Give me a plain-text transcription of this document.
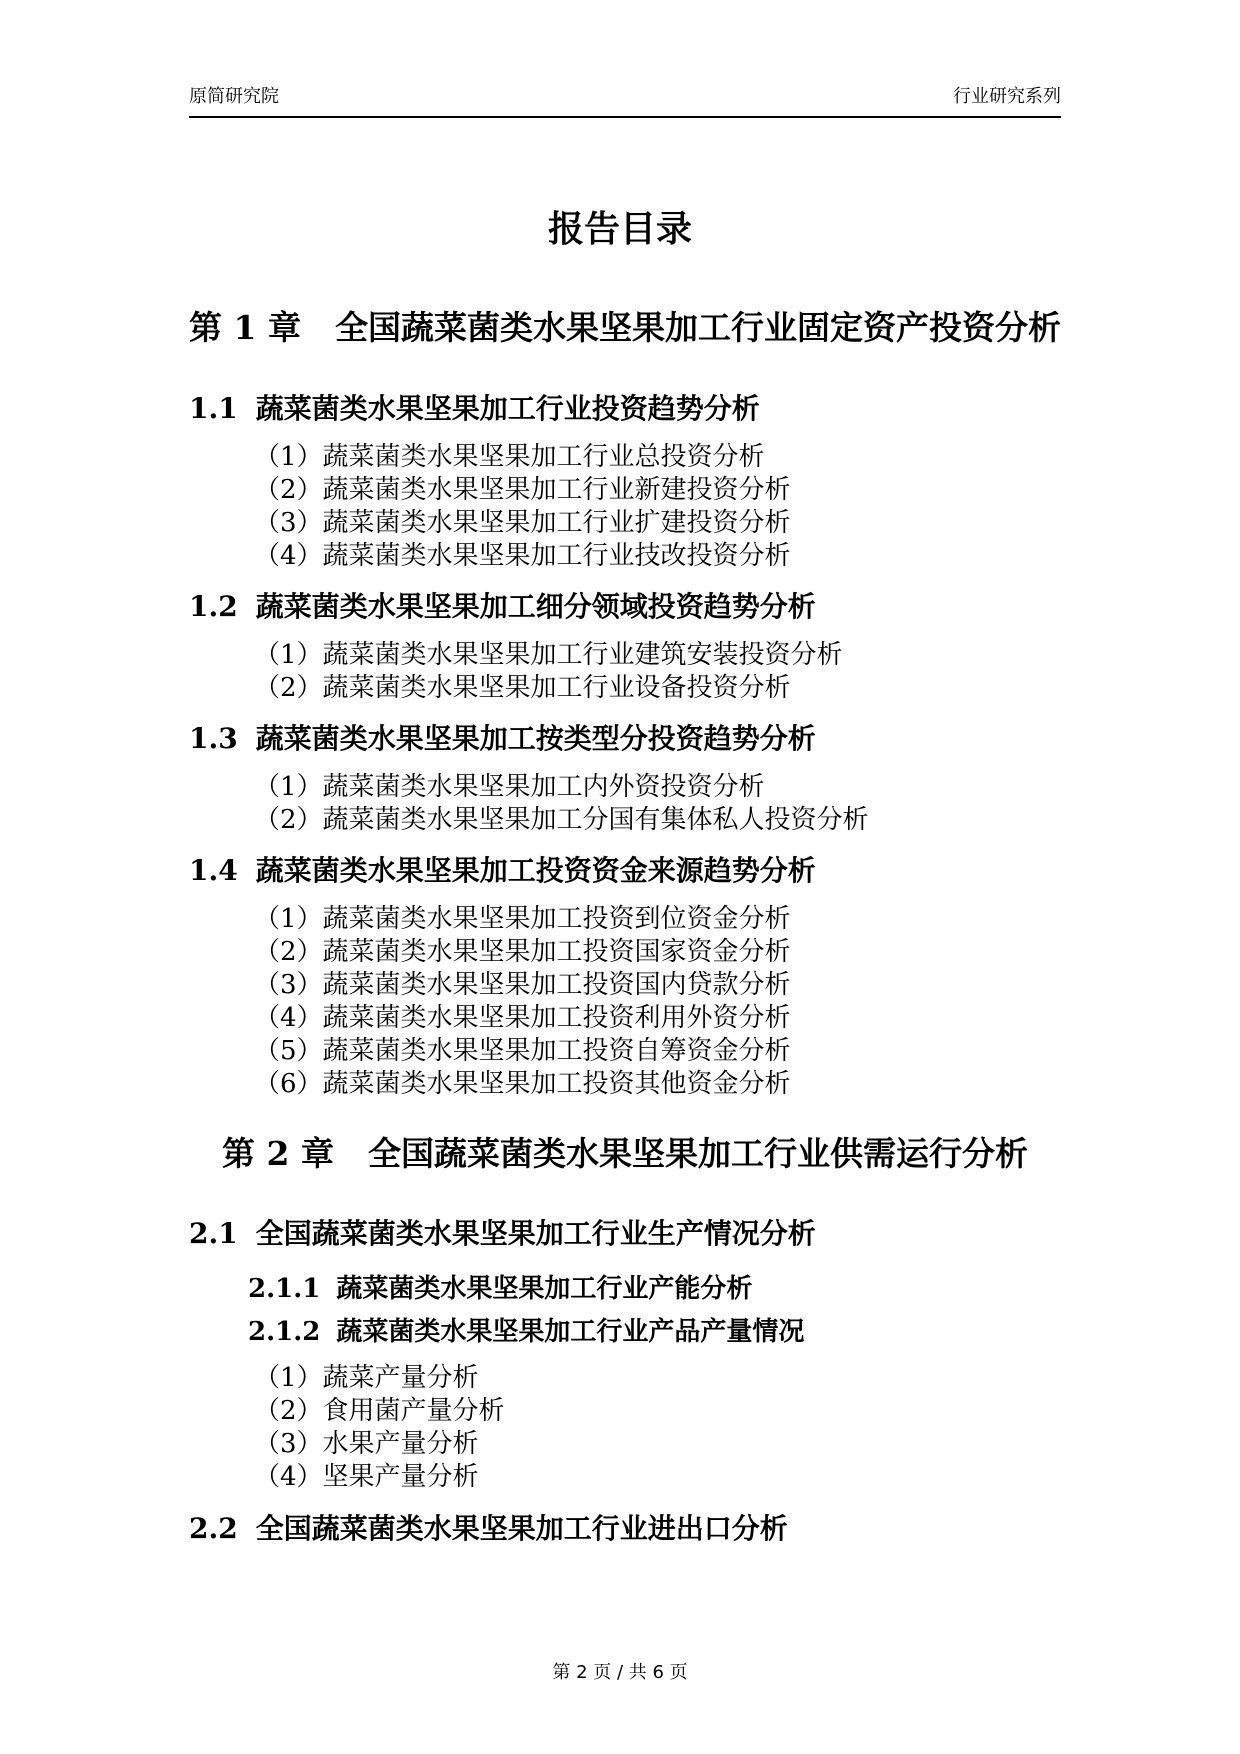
原简研究院	行业研究系列
报告目录
第 1 章 全国蔬菜菌类水果坚果加工行业固定资产投资分析
1.1 蔬菜菌类水果坚果加工行业投资趋势分析
（1）蔬菜菌类水果坚果加工行业总投资分析
（2）蔬菜菌类水果坚果加工行业新建投资分析
（3）蔬菜菌类水果坚果加工行业扩建投资分析
（4）蔬菜菌类水果坚果加工行业技改投资分析
1.2 蔬菜菌类水果坚果加工细分领域投资趋势分析
（1）蔬菜菌类水果坚果加工行业建筑安装投资分析
（2）蔬菜菌类水果坚果加工行业设备投资分析
1.3 蔬菜菌类水果坚果加工按类型分投资趋势分析
（1）蔬菜菌类水果坚果加工内外资投资分析
（2）蔬菜菌类水果坚果加工分国有集体私人投资分析
1.4 蔬菜菌类水果坚果加工投资资金来源趋势分析
（1）蔬菜菌类水果坚果加工投资到位资金分析
（2）蔬菜菌类水果坚果加工投资国家资金分析
（3）蔬菜菌类水果坚果加工投资国内贷款分析
（4）蔬菜菌类水果坚果加工投资利用外资分析
（5）蔬菜菌类水果坚果加工投资自筹资金分析
（6）蔬菜菌类水果坚果加工投资其他资金分析
第 2 章 全国蔬菜菌类水果坚果加工行业供需运行分析
2.1 全国蔬菜菌类水果坚果加工行业生产情况分析
2.1.1 蔬菜菌类水果坚果加工行业产能分析
2.1.2 蔬菜菌类水果坚果加工行业产品产量情况
（1）蔬菜产量分析
（2）食用菌产量分析
（3）水果产量分析
（4）坚果产量分析
2.2 全国蔬菜菌类水果坚果加工行业进出口分析
第 2 页 / 共 6 页
